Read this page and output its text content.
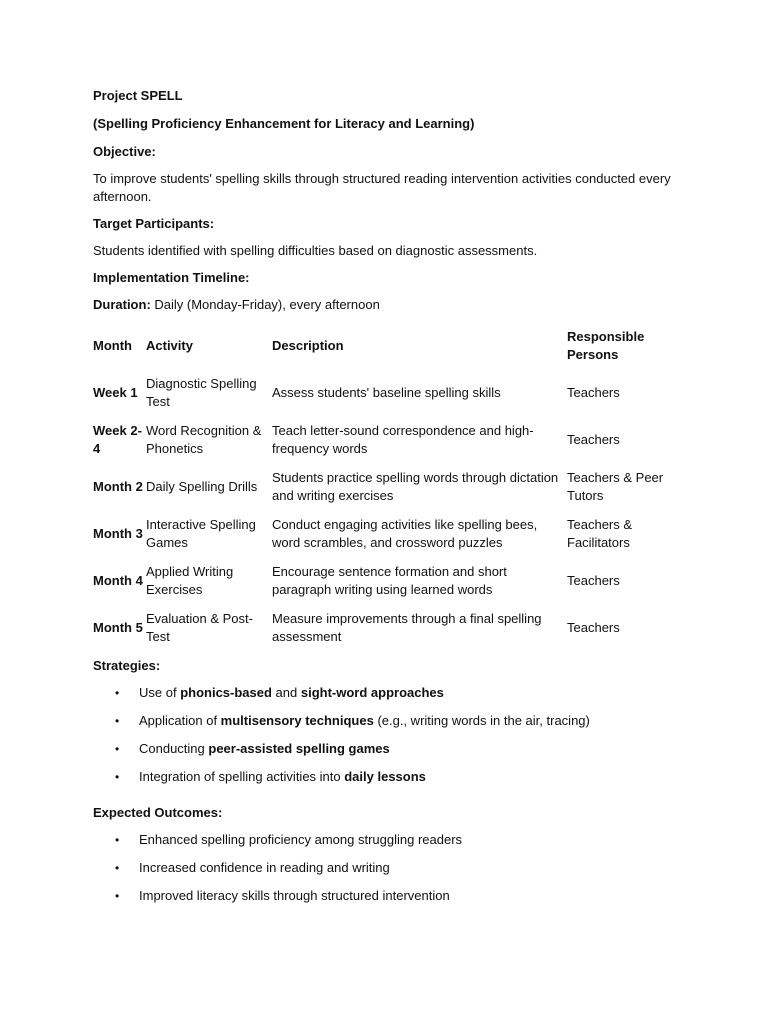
Project SPELL

(Spelling Proficiency Enhancement for Literacy and Learning)

Objective:

To improve students' spelling skills through structured reading intervention activities conducted every afternoon.

Target Participants:

Students identified with spelling difficulties based on diagnostic assessments.

Implementation Timeline:

Duration: Daily (Monday-Friday), every afternoon

Month	Activity	Description	Responsible Persons
Week 1	Diagnostic Spelling Test	Assess students' baseline spelling skills	Teachers
Week 2-4	Word Recognition & Phonetics	Teach letter-sound correspondence and high-frequency words	Teachers
Month 2	Daily Spelling Drills	Students practice spelling words through dictation and writing exercises	Teachers & Peer Tutors
Month 3	Interactive Spelling Games	Conduct engaging activities like spelling bees, word scrambles, and crossword puzzles	Teachers & Facilitators
Month 4	Applied Writing Exercises	Encourage sentence formation and short paragraph writing using learned words	Teachers
Month 5	Evaluation & Post-Test	Measure improvements through a final spelling assessment	Teachers

Strategies:

• Use of phonics-based and sight-word approaches
• Application of multisensory techniques (e.g., writing words in the air, tracing)
• Conducting peer-assisted spelling games
• Integration of spelling activities into daily lessons

Expected Outcomes:

• Enhanced spelling proficiency among struggling readers
• Increased confidence in reading and writing
• Improved literacy skills through structured intervention
